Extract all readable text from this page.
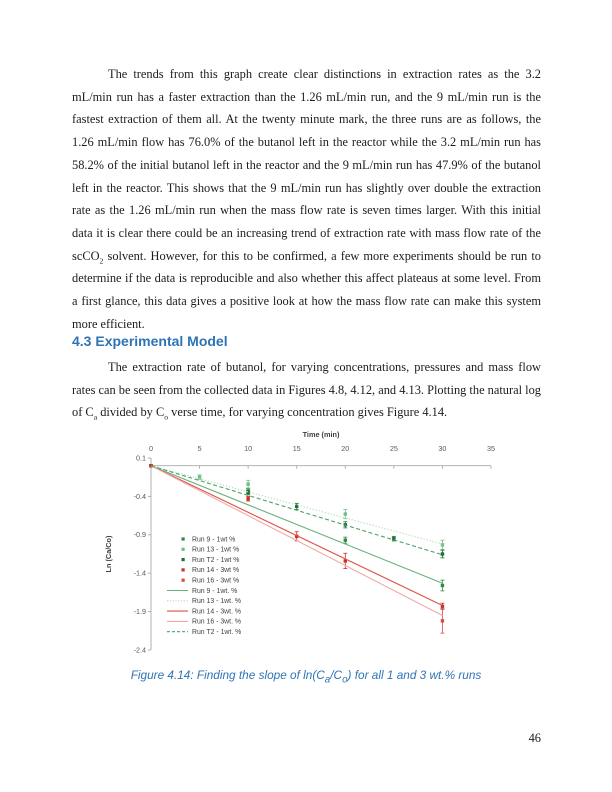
The trends from this graph create clear distinctions in extraction rates as the 3.2 mL/min run has a faster extraction than the 1.26 mL/min run, and the 9 mL/min run is the fastest extraction of them all. At the twenty minute mark, the three runs are as follows, the 1.26 mL/min flow has 76.0% of the butanol left in the reactor while the 3.2 mL/min run has 58.2% of the initial butanol left in the reactor and the 9 mL/min run has 47.9% of the butanol left in the reactor. This shows that the 9 mL/min run has slightly over double the extraction rate as the 1.26 mL/min run when the mass flow rate is seven times larger. With this initial data it is clear there could be an increasing trend of extraction rate with mass flow rate of the scCO$_2$ solvent. However, for this to be confirmed, a few more experiments should be run to determine if the data is reproducible and also whether this affect plateaus at some level. From a first glance, this data gives a positive look at how the mass flow rate can make this system more efficient.

4.3 Experimental Model

The extraction rate of butanol, for varying concentrations, pressures and mass flow rates can be seen from the collected data in Figures 4.8, 4.12, and 4.13. Plotting the natural log of $C_a$ divided by $C_o$ verse time, for varying concentration gives Figure 4.14.

Time (min)
0	5	10	15	20	25	30	35
0.1
-0.4
-0.9
-1.4
-1.9
-2.4
Ln (Ca/Co)	Run 9 - 1wt %
Run 13 - 1wt %
Run T2 - 1wt %
Run 14 - 3wt %
Run 16 - 3wt %
Run 9 - 1wt. %
Run 13 - 1wt. %
Run 14 - 3wt. %
Run 16 - 3wt. %
Run T2 - 1wt. %

Figure 4.14: Finding the slope of $\ln(C_a/C_o)$ for all 1 and 3 wt.% runs

46
